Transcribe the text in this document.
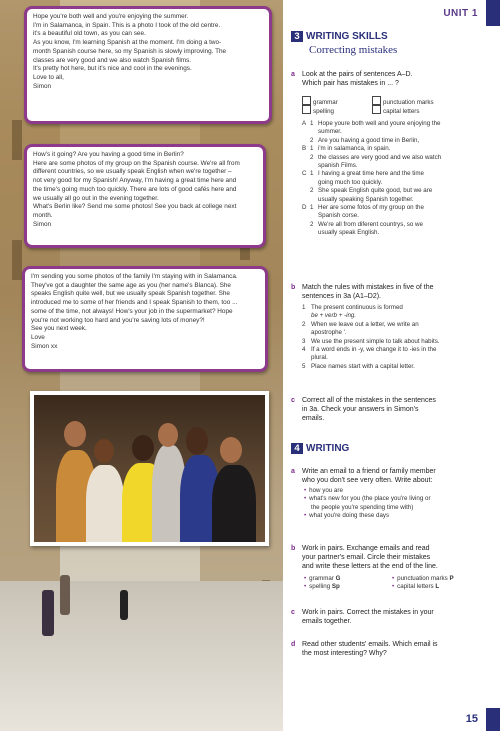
Hope you're both well and you're enjoying the summer.
I'm in Salamanca, in Spain. This is a photo I took of the old centre.
it's a beautiful old town, as you can see.
As you know, I'm learning Spanish at the moment. I'm doing a two-
month Spanish course here, so my Spanish is slowly improving. The
classes are very good and we also watch Spanish films.
It's pretty hot here, but it's nice and cool in the evenings.
Love to all,
Simon
How's it going? Are you having a good time in Berlin?
Here are some photos of my group on the Spanish course. We're all from
different countries, so we usually speak English when we're together –
not very good for my Spanish! Anyway, I'm having a great time here and
the time's going much too quickly. There are lots of good cafés here and
we usually all go out in the evening together.
What's Berlin like? Send me some photos! See you back at college next
month.
Simon
I'm sending you some photos of the family I'm staying with in Salamanca.
They've got a daughter the same age as you (her name's Blanca). She
speaks English quite well, but we usually speak Spanish together. She
introduced me to some of her friends and I speak Spanish to them, too ...
some of the time, not always! How's your job in the supermarket? Hope
you're not working too hard and you're saving lots of money?!
See you next week.
Love
Simon xx
UNIT 1
3 WRITING SKILLS
Correcting mistakes
a Look at the pairs of sentences A–D.
Which pair has mistakes in ... ?
grammar	punctuation marks
spelling	capital letters
A 1 Hope youre both well and youre enjoying the
summer.
2 Are you having a good time in Berlin,
B 1 i'm in salamanca, in spain.
2 the classes are very good and we also watch
spanish Films.
C 1 I having a great time here and the time
going much too quickly.
2 She speak English quite good, but we are
usually speaking Spanish together.
D 1 Her are some fotos of my group on the
Spanish corse.
2 We're all from diferent countrys, so we
usually speak English.
b Match the rules with mistakes in five of the
sentences in 3a (A1–D2).
1 The present continuous is formed
be + verb + -ing.
2 When we leave out a letter, we write an
apostrophe '.
3 We use the present simple to talk about habits.
4 If a word ends in -y, we change it to -ies in the
plural.
5 Place names start with a capital letter.
c Correct all of the mistakes in the sentences
in 3a. Check your answers in Simon's
emails.
4 WRITING
a Write an email to a friend or family member
who you don't see very often. Write about:
• how you are
• what's new for you (the place you're living or
the people you're spending time with)
• what you're doing these days
b Work in pairs. Exchange emails and read
your partner's email. Circle their mistakes
and write these letters at the end of the line.
• grammar G	• punctuation marks P
• spelling Sp	• capital letters L
c Work in pairs. Correct the mistakes in your
emails together.
d Read other students' emails. Which email is
the most interesting? Why?
15
